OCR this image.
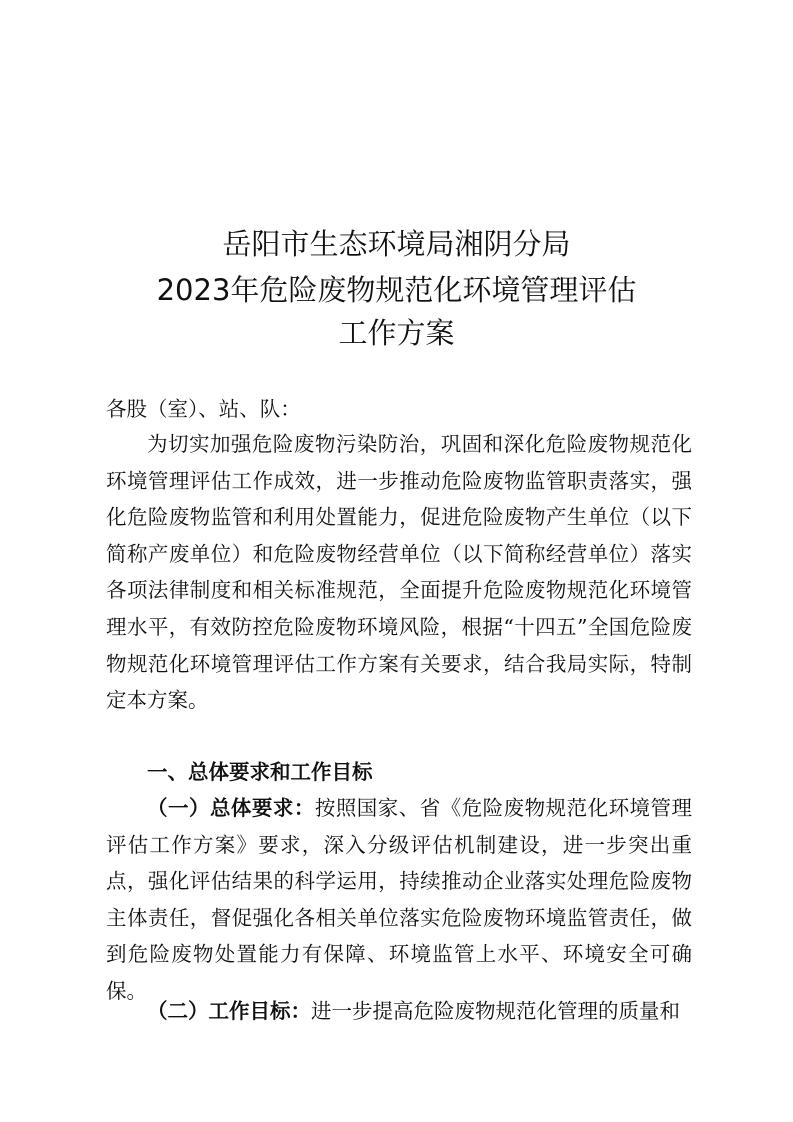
岳阳市生态环境局湘阴分局
2023年危险废物规范化环境管理评估
工作方案
各股（室）、站、队：

为切实加强危险废物污染防治，巩固和深化危险废物规范化环境管理评估工作成效，进一步推动危险废物监管职责落实，强化危险废物监管和利用处置能力，促进危险废物产生单位（以下简称产废单位）和危险废物经营单位（以下简称经营单位）落实各项法律制度和相关标准规范，全面提升危险废物规范化环境管理水平，有效防控危险废物环境风险，根据“十四五”全国危险废物规范化环境管理评估工作方案有关要求，结合我局实际，特制定本方案。

一、总体要求和工作目标

（一）总体要求：按照国家、省《危险废物规范化环境管理评估工作方案》要求，深入分级评估机制建设，进一步突出重点，强化评估结果的科学运用，持续推动企业落实处理危险废物主体责任，督促强化各相关单位落实危险废物环境监管责任，做到危险废物处置能力有保障、环境监管上水平、环境安全可确保。

（二）工作目标：进一步提高危险废物规范化管理的质量和
